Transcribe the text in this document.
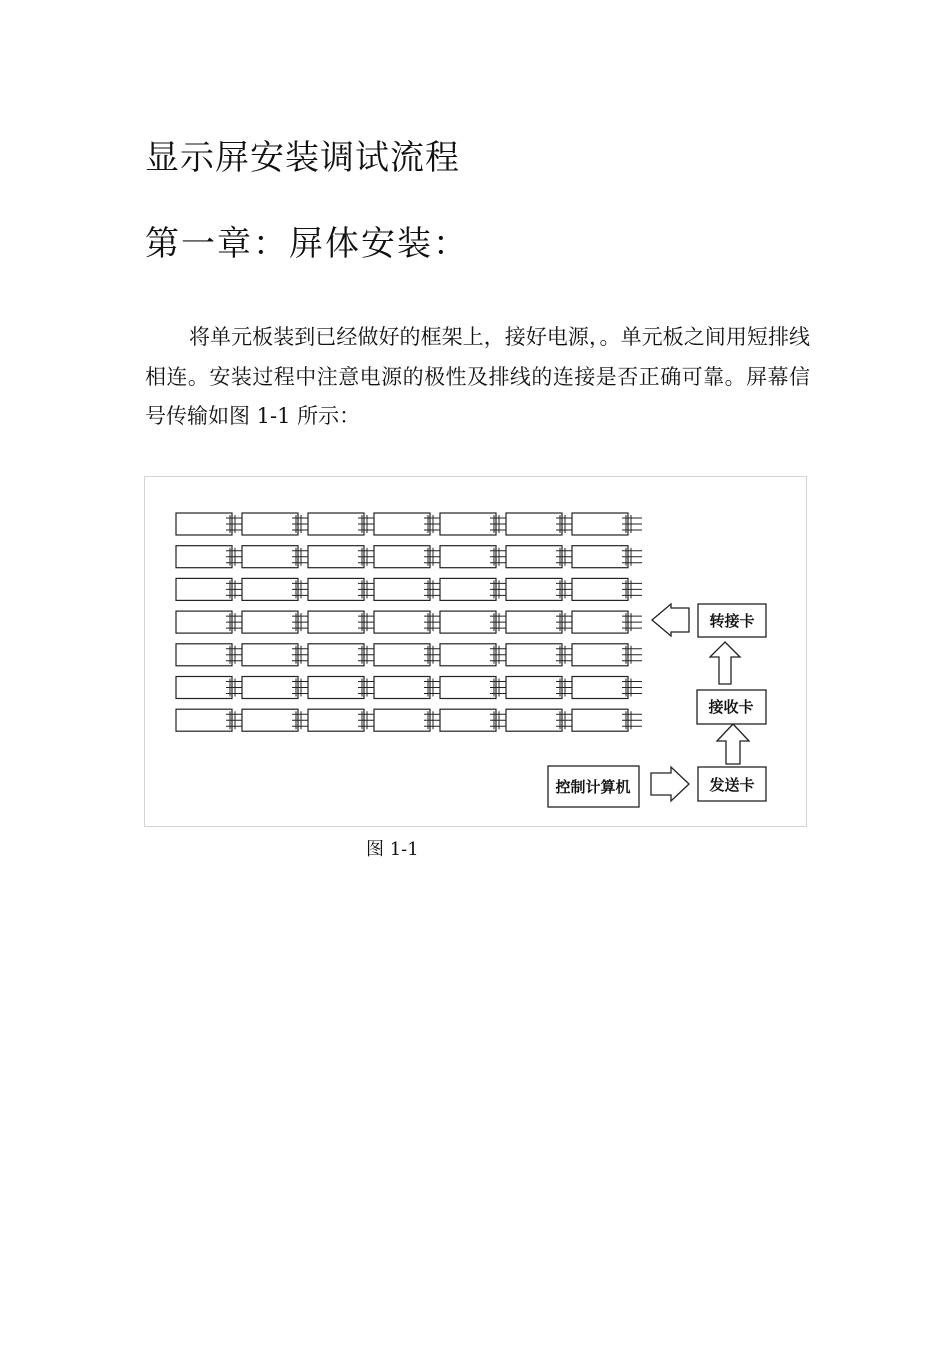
显示屏安装调试流程
第一章：屏体安装：

将单元板装到已经做好的框架上，接好电源，。单元板之间用短排线相连。安装过程中注意电源的极性及排线的连接是否正确可靠。屏幕信号传输如图 1-1 所示：

转接卡
接收卡
发送卡
控制计算机

图 1-1
